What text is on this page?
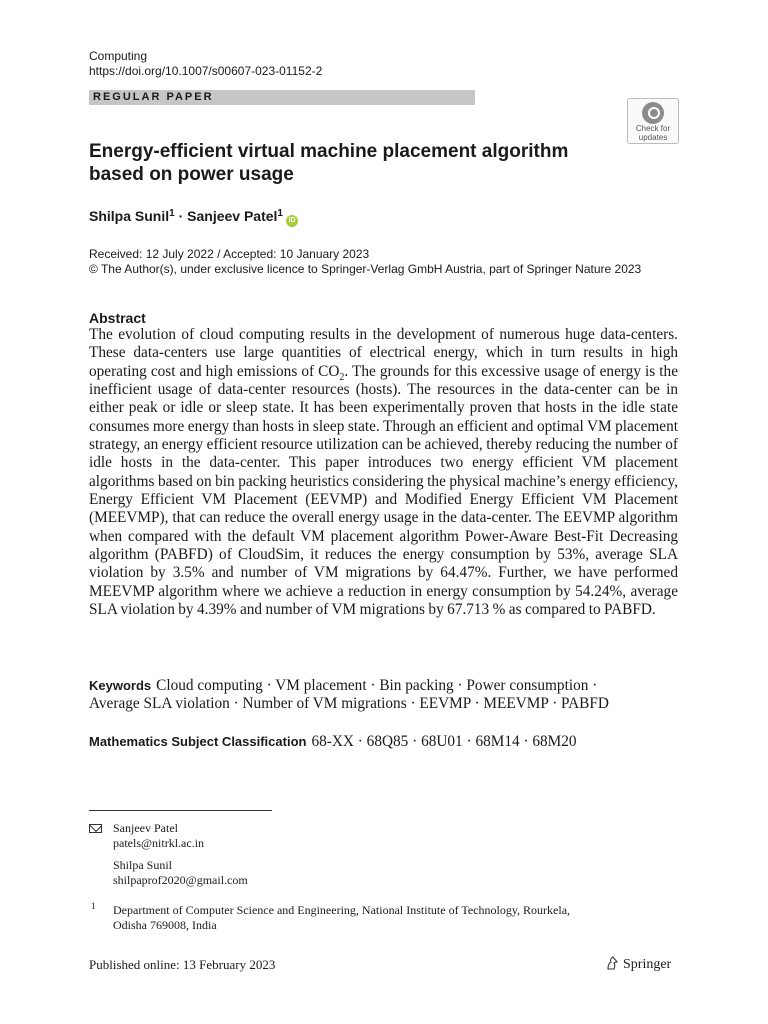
Computing
https://doi.org/10.1007/s00607-023-01152-2
REGULAR PAPER
Check for
updates
Energy-efficient virtual machine placement algorithm
based on power usage
Shilpa Sunil$^1$ · Sanjeev Patel$^1$iD
Received: 12 July 2022 / Accepted: 10 January 2023
© The Author(s), under exclusive licence to Springer-Verlag GmbH Austria, part of Springer Nature 2023
Abstract
The evolution of cloud computing results in the development of numerous huge data-centers. These data-centers use large quantities of electrical energy, which in turn results in high operating cost and high emissions of $CO_2$. The grounds for this excessive usage of energy is the inefficient usage of data-center resources (hosts). The resources in the data-center can be in either peak or idle or sleep state. It has been experimentally proven that hosts in the idle state consumes more energy than hosts in sleep state. Through an efficient and optimal VM placement strategy, an energy efficient resource utilization can be achieved, thereby reducing the number of idle hosts in the data-center. This paper introduces two energy efficient VM placement algorithms based on bin packing heuristics considering the physical machine’s energy efficiency, Energy Efficient VM Placement (EEVMP) and Modified Energy Efficient VM Placement (MEEVMP), that can reduce the overall energy usage in the data-center. The EEVMP algorithm when compared with the default VM placement algorithm Power-Aware Best-Fit Decreasing algorithm (PABFD) of CloudSim, it reduces the energy consumption by 53%, average SLA violation by 3.5% and number of VM migrations by 64.47%. Further, we have performed MEEVMP algorithm where we achieve a reduction in energy consumption by 54.24%, average SLA violation by 4.39% and number of VM migrations by 67.713 % as compared to PABFD.
Keywords Cloud computing · VM placement · Bin packing · Power consumption ·
Average SLA violation · Number of VM migrations · EEVMP · MEEVMP · PABFD
Mathematics Subject Classification 68-XX · 68Q85 · 68U01 · 68M14 · 68M20
Sanjeev Patel
patels@nitrkl.ac.in
Shilpa Sunil
shilpaprof2020@gmail.com
1 Department of Computer Science and Engineering, National Institute of Technology, Rourkela,
Odisha 769008, India
Published online: 13 February 2023	Springer
